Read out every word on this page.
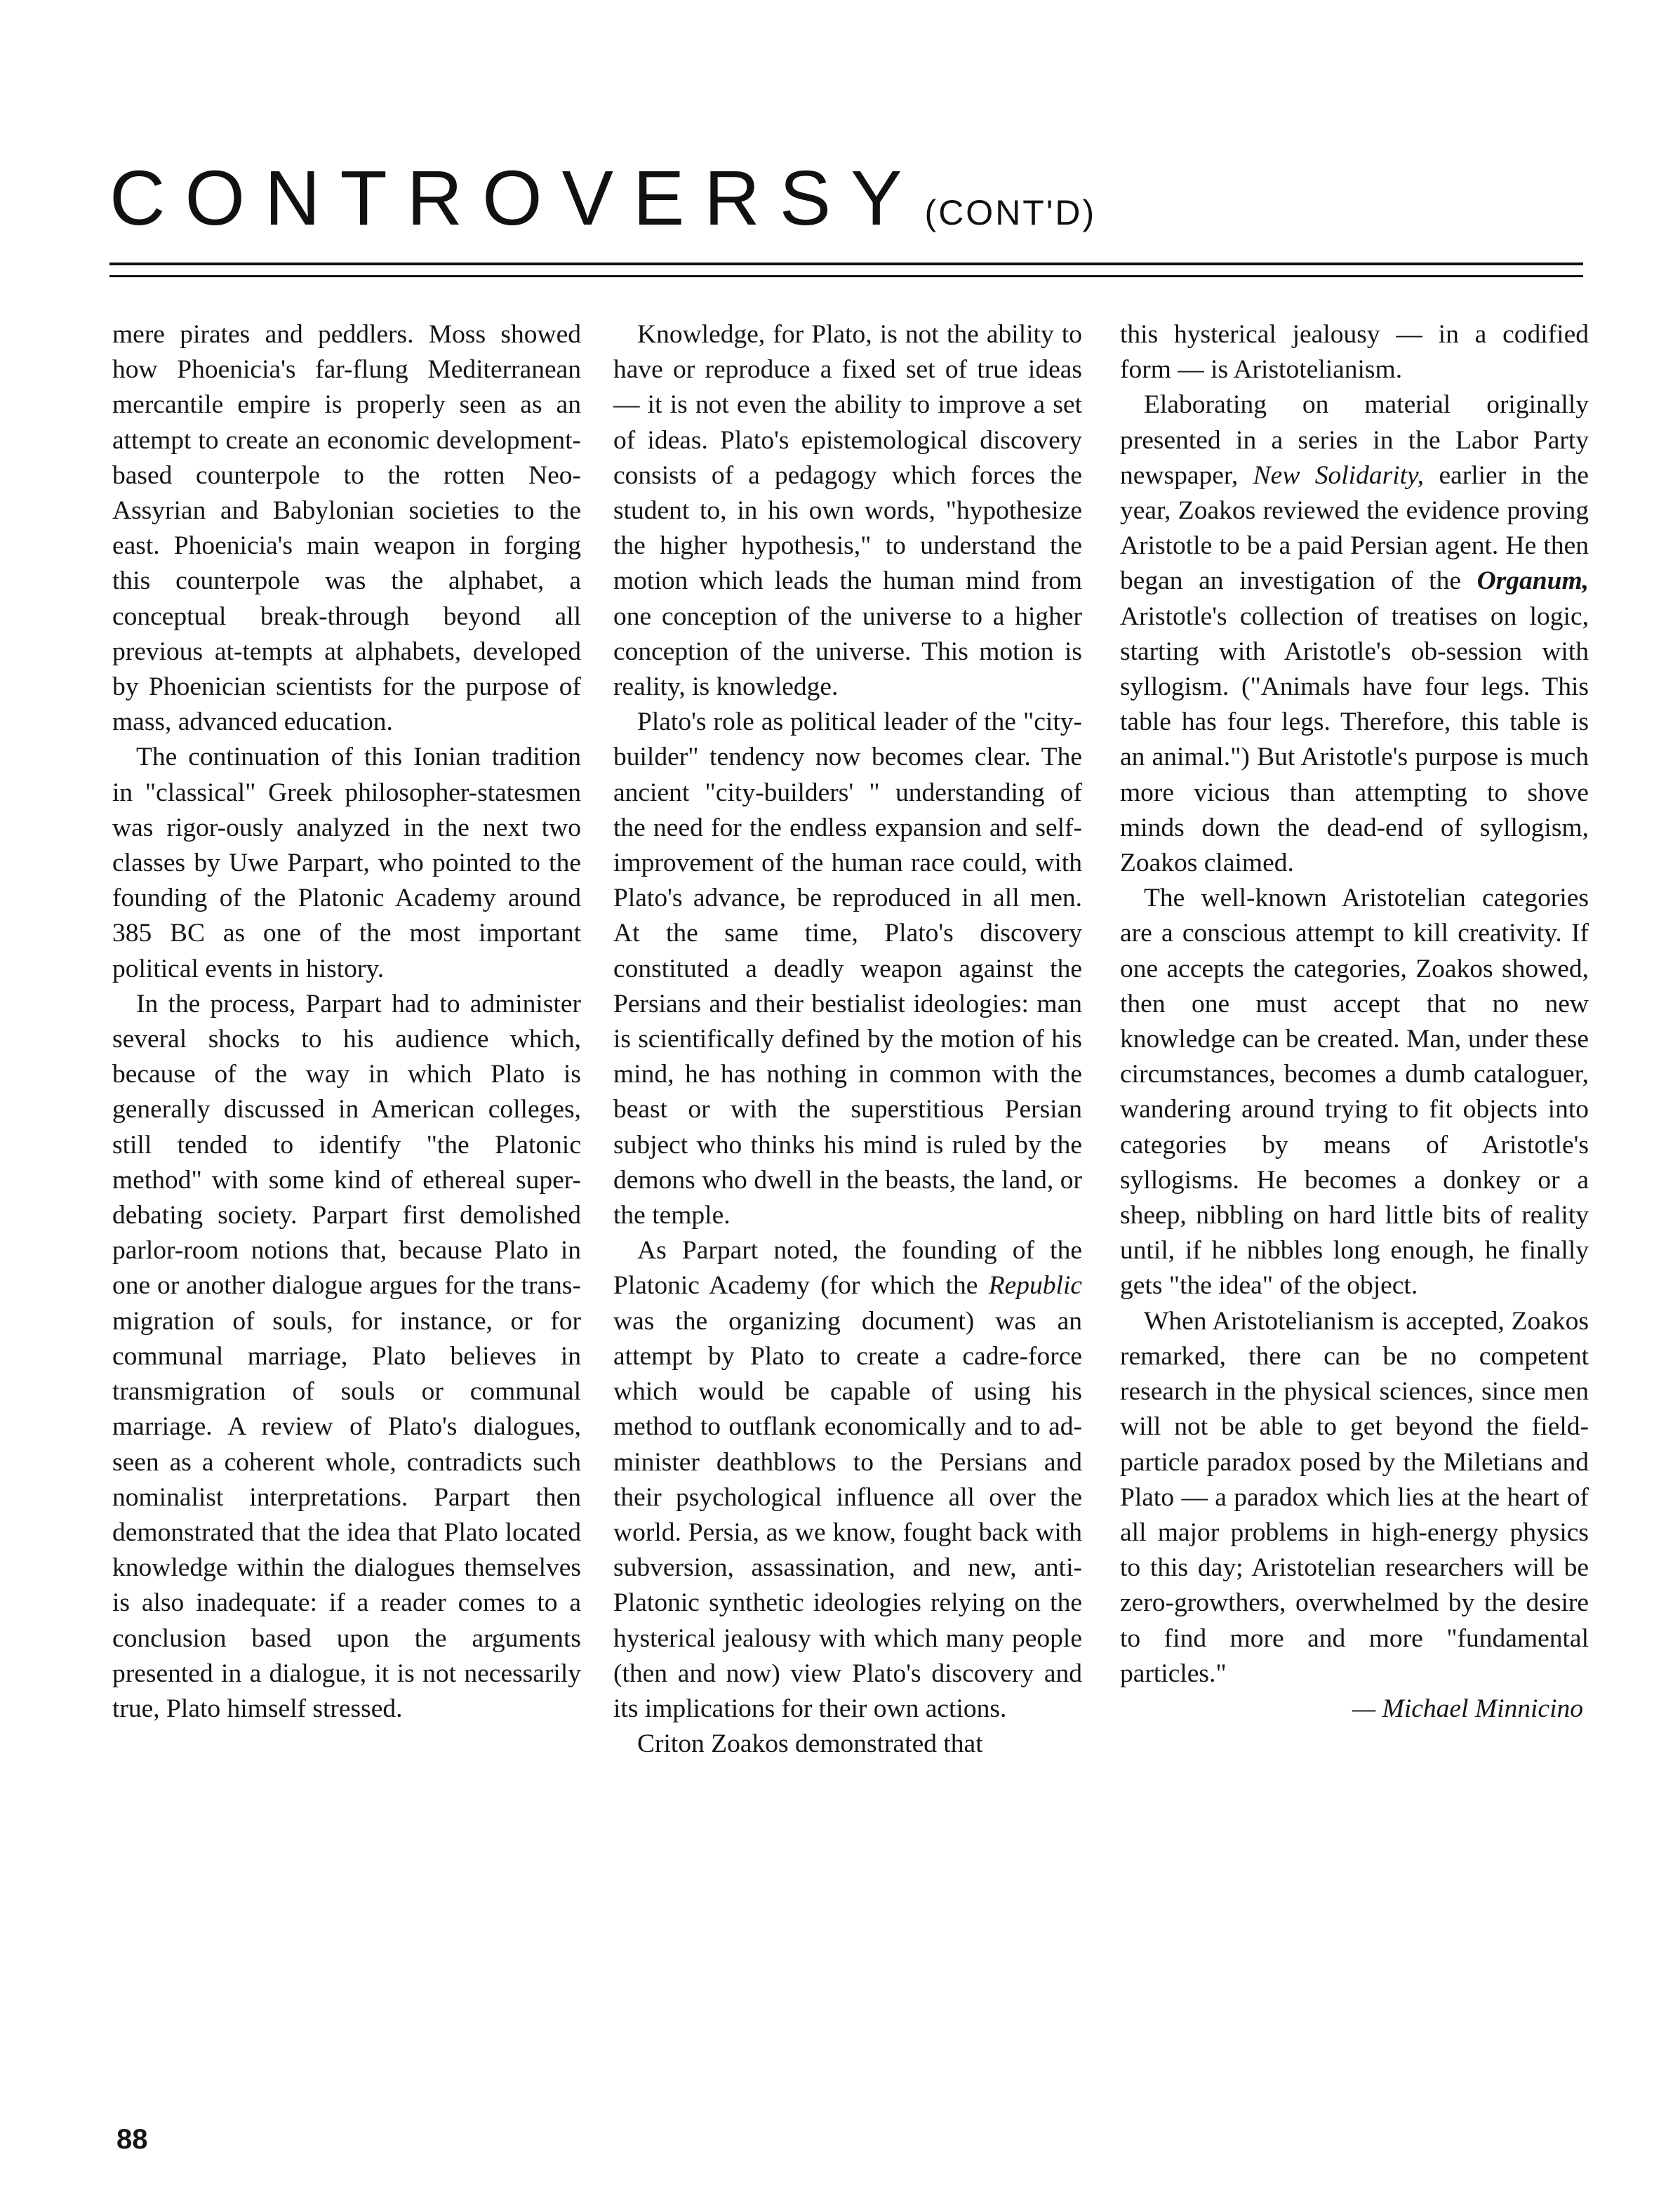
CONTROVERSY (CONT'D)

mere pirates and peddlers. Moss showed how Phoenicia's far-flung Mediterranean mercantile empire is properly seen as an attempt to create an economic development-based counterpole to the rotten Neo-Assyrian and Babylonian societies to the east. Phoenicia's main weapon in forging this counterpole was the alphabet, a conceptual break-through beyond all previous at-tempts at alphabets, developed by Phoenician scientists for the purpose of mass, advanced education.

The continuation of this Ionian tradition in "classical" Greek philosopher-statesmen was rigor-ously analyzed in the next two classes by Uwe Parpart, who pointed to the founding of the Platonic Academy around 385 BC as one of the most important political events in history.

In the process, Parpart had to administer several shocks to his audience which, because of the way in which Plato is generally discussed in American colleges, still tended to identify "the Platonic method" with some kind of ethereal super-debating society. Parpart first demolished parlor-room notions that, because Plato in one or another dialogue argues for the trans-migration of souls, for instance, or for communal marriage, Plato believes in transmigration of souls or communal marriage. A review of Plato's dialogues, seen as a coherent whole, contradicts such nominalist interpretations. Parpart then demonstrated that the idea that Plato located knowledge within the dialogues themselves is also inadequate: if a reader comes to a conclusion based upon the arguments presented in a dialogue, it is not necessarily true, Plato himself stressed.

Knowledge, for Plato, is not the ability to have or reproduce a fixed set of true ideas — it is not even the ability to improve a set of ideas. Plato's epistemological discovery consists of a pedagogy which forces the student to, in his own words, "hypothesize the higher hypothesis," to understand the motion which leads the human mind from one conception of the universe to a higher conception of the universe. This motion is reality, is knowledge.

Plato's role as political leader of the "city-builder" tendency now becomes clear. The ancient "city-builders' " understanding of the need for the endless expansion and self-improvement of the human race could, with Plato's advance, be reproduced in all men. At the same time, Plato's discovery constituted a deadly weapon against the Persians and their bestialist ideologies: man is scientifically defined by the motion of his mind, he has nothing in common with the beast or with the superstitious Persian subject who thinks his mind is ruled by the demons who dwell in the beasts, the land, or the temple.

As Parpart noted, the founding of the Platonic Academy (for which the Republic was the organizing document) was an attempt by Plato to create a cadre-force which would be capable of using his method to outflank economically and to ad-minister deathblows to the Persians and their psychological influence all over the world. Persia, as we know, fought back with subversion, assassination, and new, anti-Platonic synthetic ideologies relying on the hysterical jealousy with which many people (then and now) view Plato's discovery and its implications for their own actions.

Criton Zoakos demonstrated that

this hysterical jealousy — in a codified form — is Aristotelianism.

Elaborating on material originally presented in a series in the Labor Party newspaper, New Solidarity, earlier in the year, Zoakos reviewed the evidence proving Aristotle to be a paid Persian agent. He then began an investigation of the Organum, Aristotle's collection of treatises on logic, starting with Aristotle's ob-session with syllogism. ("Animals have four legs. This table has four legs. Therefore, this table is an animal.") But Aristotle's purpose is much more vicious than attempting to shove minds down the dead-end of syllogism, Zoakos claimed.

The well-known Aristotelian categories are a conscious attempt to kill creativity. If one accepts the categories, Zoakos showed, then one must accept that no new knowledge can be created. Man, under these circumstances, becomes a dumb cataloguer, wandering around trying to fit objects into categories by means of Aristotle's syllogisms. He becomes a donkey or a sheep, nibbling on hard little bits of reality until, if he nibbles long enough, he finally gets "the idea" of the object.

When Aristotelianism is accepted, Zoakos remarked, there can be no competent research in the physical sciences, since men will not be able to get beyond the field-particle paradox posed by the Miletians and Plato — a paradox which lies at the heart of all major problems in high-energy physics to this day; Aristotelian researchers will be zero-growthers, overwhelmed by the desire to find more and more "fundamental particles."

— Michael Minnicino

88
